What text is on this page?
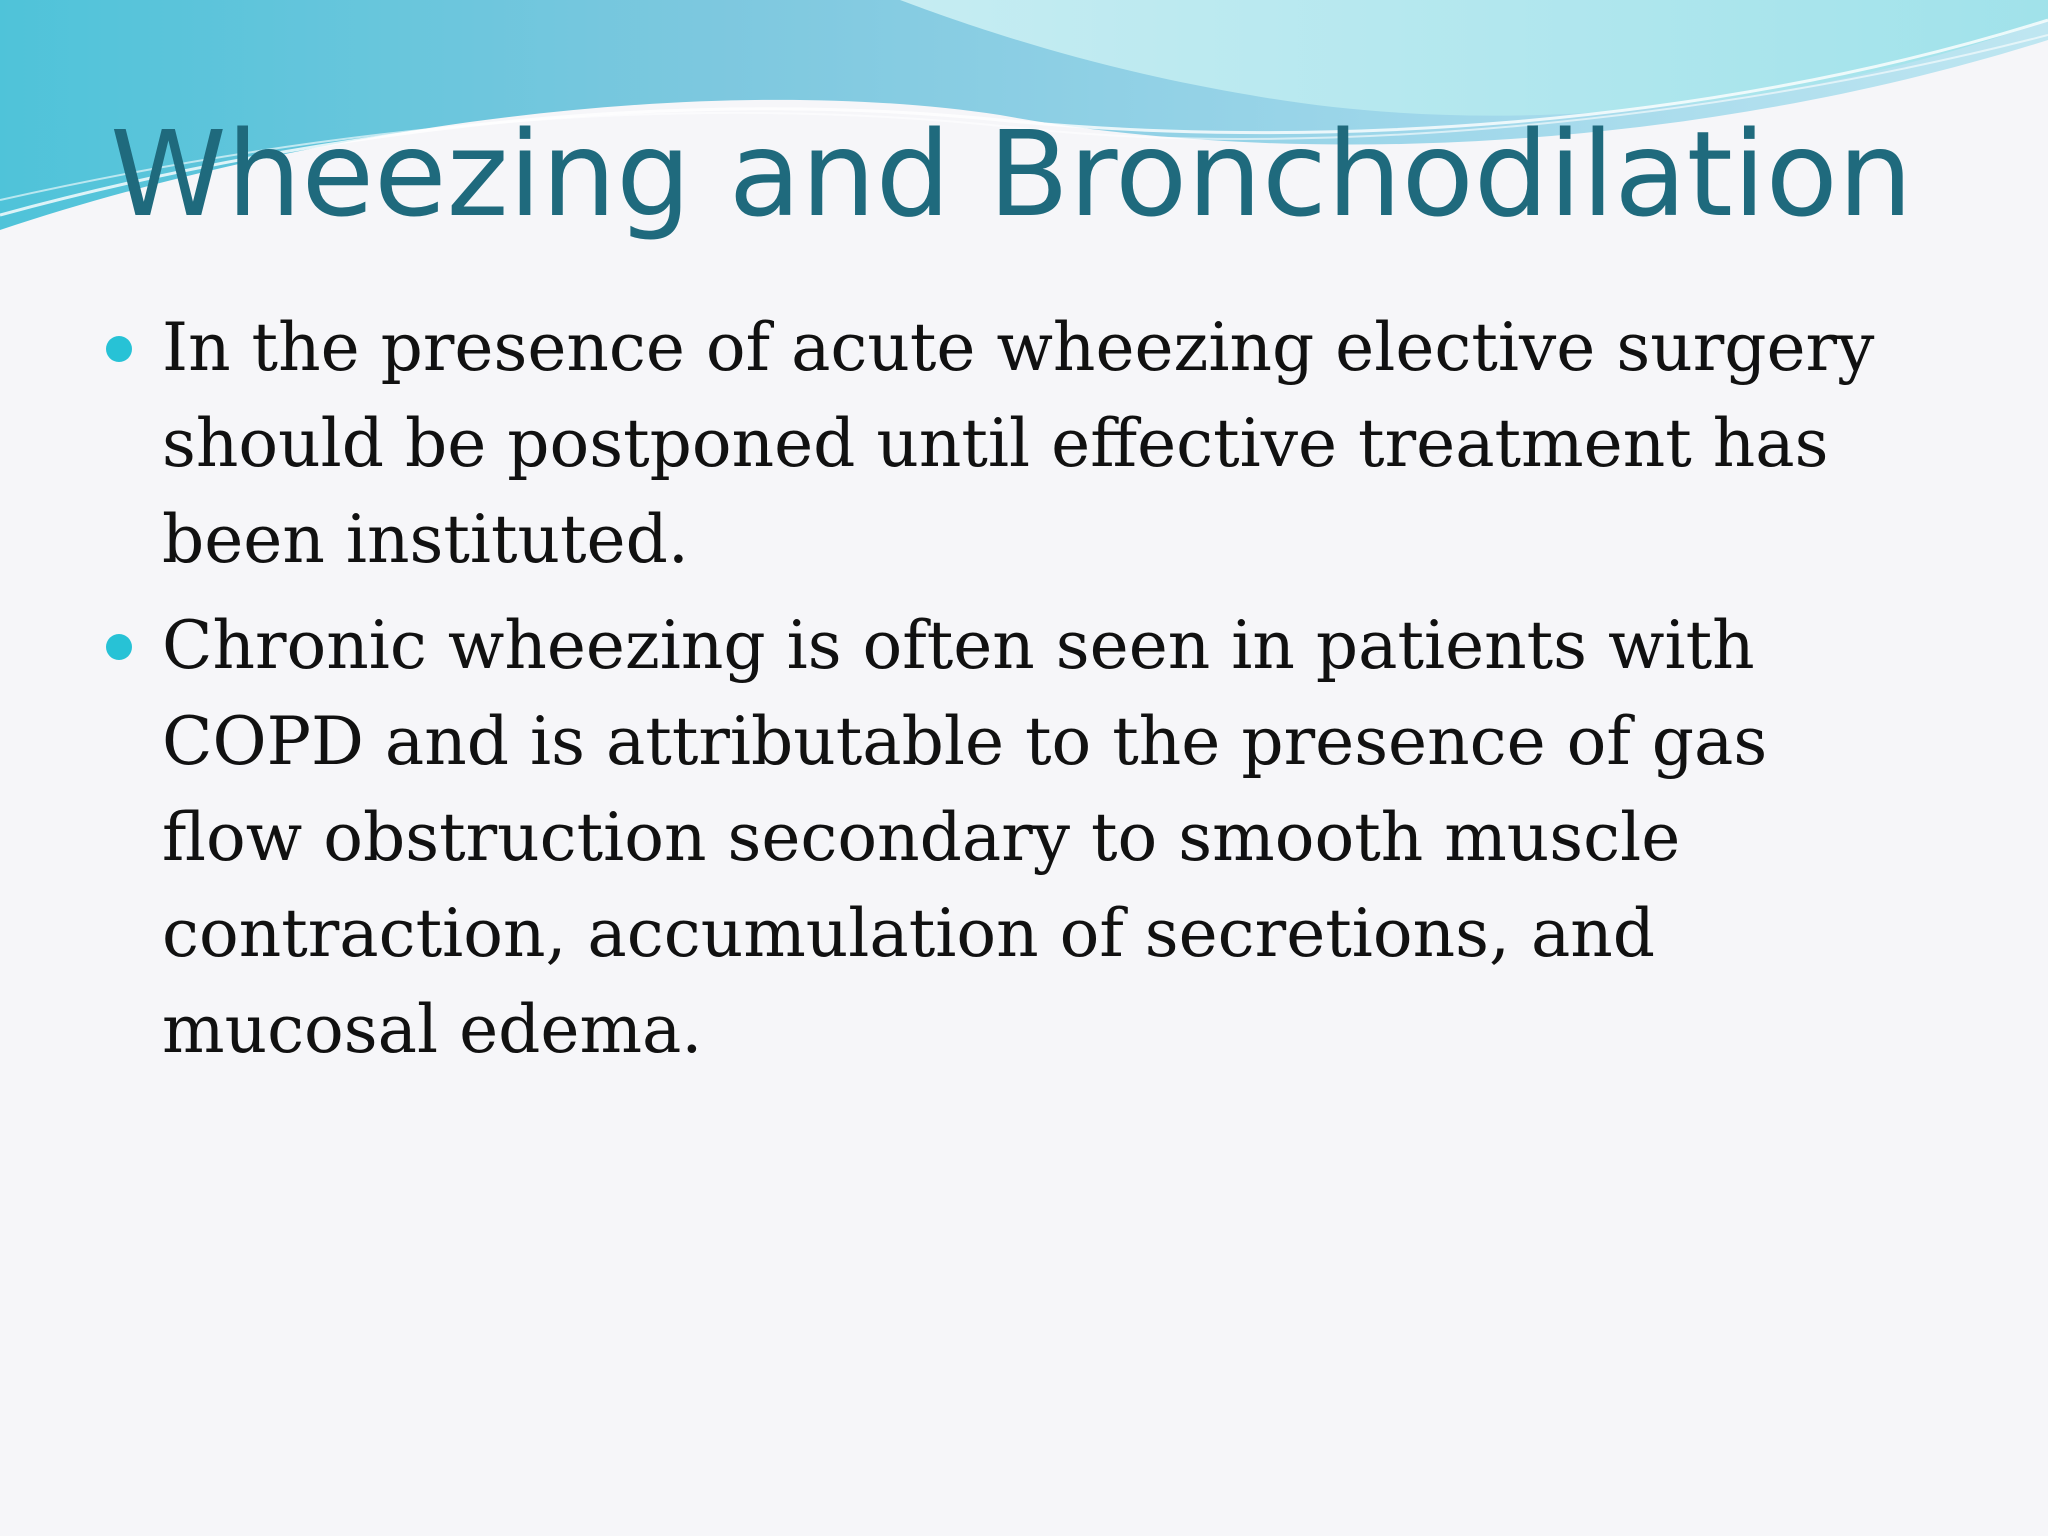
Wheezing and Bronchodilation
In the presence of acute wheezing elective surgery
should be postponed until effective treatment has
been instituted.
Chronic wheezing is often seen in patients with
COPD and is attributable to the presence of gas
flow obstruction secondary to smooth muscle
contraction, accumulation of secretions, and
mucosal edema.
